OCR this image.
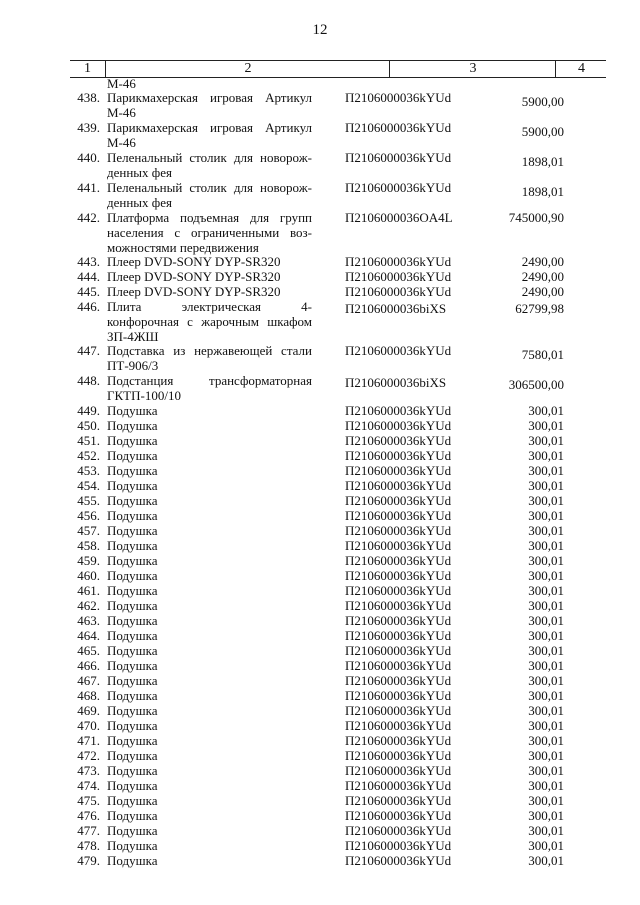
12
1	2	3	4
М-46
438. Парикмахерская игровая Артикул
М-46
П2106000036kYUd	5900,00
439. Парикмахерская игровая Артикул
М-46
П2106000036kYUd	5900,00
440. Пеленальный столик для новорож-
денных фея
П2106000036kYUd	1898,01
441. Пеленальный столик для новорож-
денных фея
П2106000036kYUd	1898,01
442. Платформа подъемная для групп
населения с ограниченными воз-
можностями передвижения
П2106000036OA4L	745000,90
443. Плеер DVD-SONY DYP-SR320	П2106000036kYUd	2490,00
444. Плеер DVD-SONY DYP-SR320	П2106000036kYUd	2490,00
445. Плеер DVD-SONY DYP-SR320	П2106000036kYUd	2490,00
446. Плита электрическая 4-
конфорочная с жарочным шкафом
ЗП-4ЖШ
П2106000036biXS	62799,98
447. Подставка из нержавеющей стали
ПТ-906/3
П2106000036kYUd	7580,01
448. Подстанция трансформаторная
ГКТП-100/10
П2106000036biXS	306500,00
449. Подушка	П2106000036kYUd	300,01
450. Подушка	П2106000036kYUd	300,01
451. Подушка	П2106000036kYUd	300,01
452. Подушка	П2106000036kYUd	300,01
453. Подушка	П2106000036kYUd	300,01
454. Подушка	П2106000036kYUd	300,01
455. Подушка	П2106000036kYUd	300,01
456. Подушка	П2106000036kYUd	300,01
457. Подушка	П2106000036kYUd	300,01
458. Подушка	П2106000036kYUd	300,01
459. Подушка	П2106000036kYUd	300,01
460. Подушка	П2106000036kYUd	300,01
461. Подушка	П2106000036kYUd	300,01
462. Подушка	П2106000036kYUd	300,01
463. Подушка	П2106000036kYUd	300,01
464. Подушка	П2106000036kYUd	300,01
465. Подушка	П2106000036kYUd	300,01
466. Подушка	П2106000036kYUd	300,01
467. Подушка	П2106000036kYUd	300,01
468. Подушка	П2106000036kYUd	300,01
469. Подушка	П2106000036kYUd	300,01
470. Подушка	П2106000036kYUd	300,01
471. Подушка	П2106000036kYUd	300,01
472. Подушка	П2106000036kYUd	300,01
473. Подушка	П2106000036kYUd	300,01
474. Подушка	П2106000036kYUd	300,01
475. Подушка	П2106000036kYUd	300,01
476. Подушка	П2106000036kYUd	300,01
477. Подушка	П2106000036kYUd	300,01
478. Подушка	П2106000036kYUd	300,01
479. Подушка	П2106000036kYUd	300,01
